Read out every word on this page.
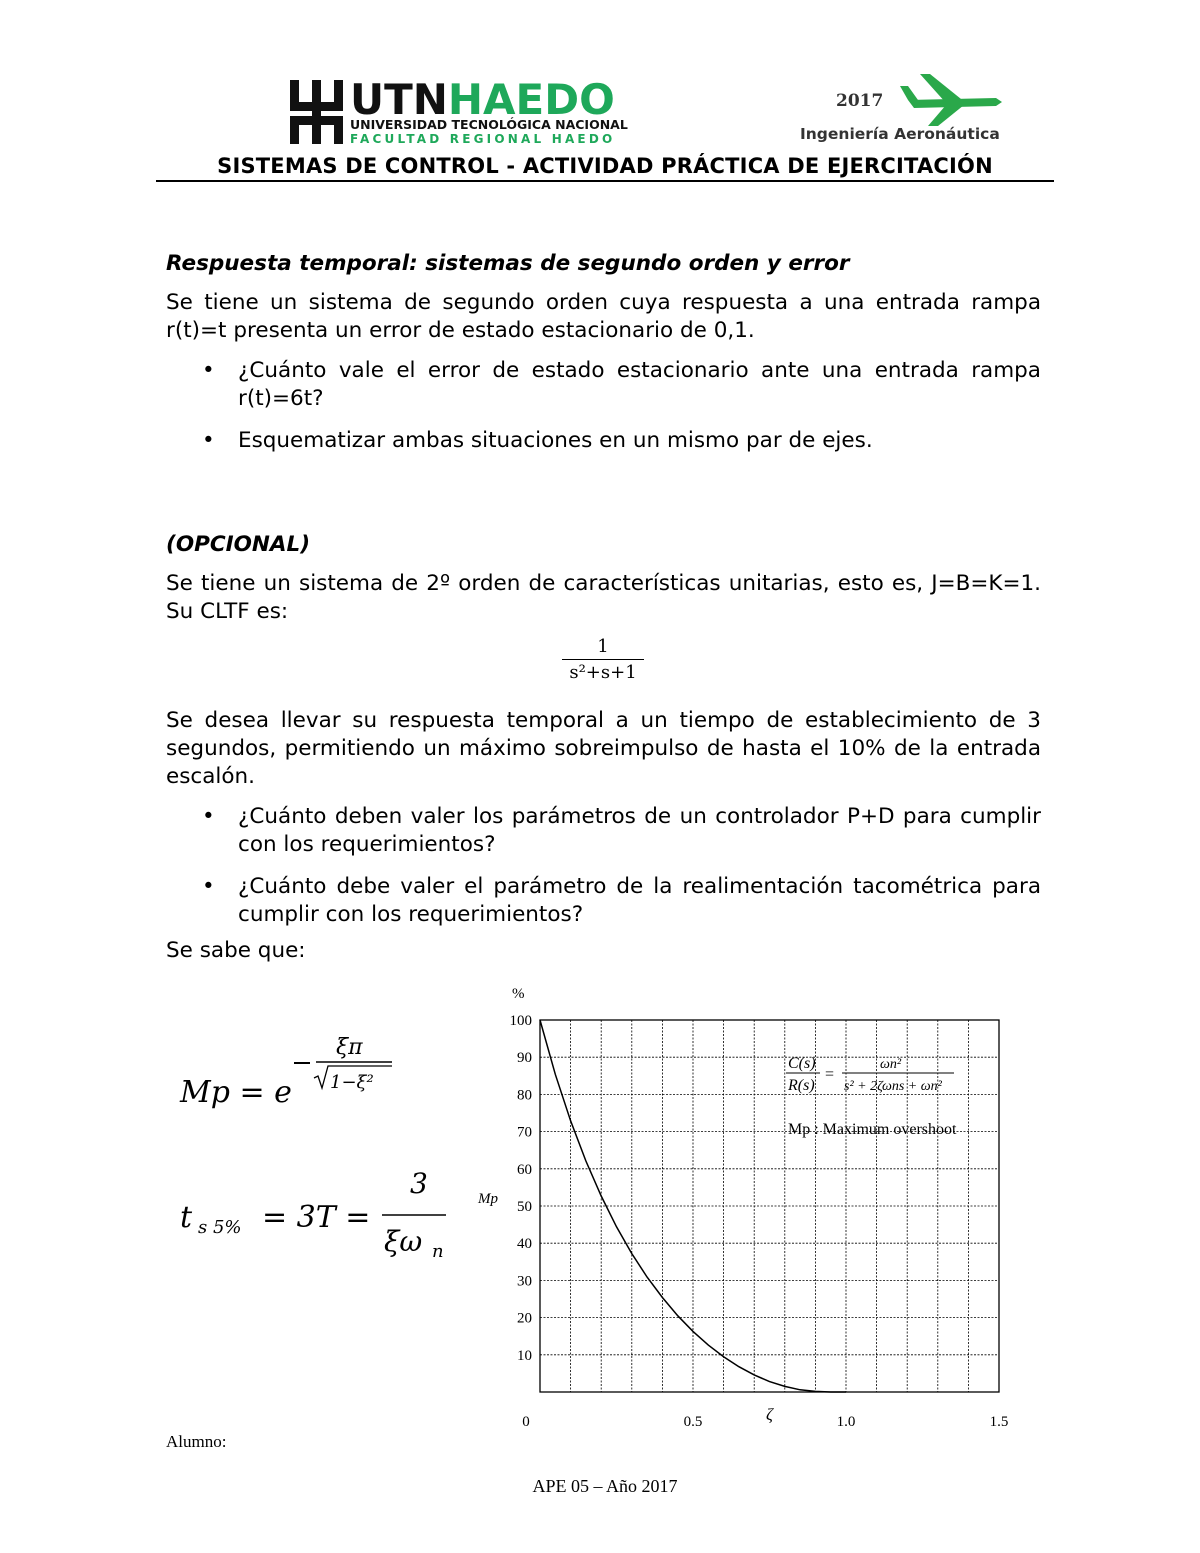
UTNHAEDO
UNIVERSIDAD TECNOLÓGICA NACIONAL
FACULTAD REGIONAL HAEDO
2017
Ingeniería Aeronáutica
SISTEMAS DE CONTROL - ACTIVIDAD PRÁCTICA DE EJERCITACIÓN
Respuesta temporal: sistemas de segundo orden y error
Se tiene un sistema de segundo orden cuya respuesta a una entrada rampa r(t)=t presenta un error de estado estacionario de 0,1.
• ¿Cuánto vale el error de estado estacionario ante una entrada rampa r(t)=6t?
• Esquematizar ambas situaciones en un mismo par de ejes.
(OPCIONAL)
Se tiene un sistema de 2º orden de características unitarias, esto es, J=B=K=1. Su CLTF es:
$\frac{1}{\text{s²+s+1}}$
Se desea llevar su respuesta temporal a un tiempo de establecimiento de 3 segundos, permitiendo un máximo sobreimpulso de hasta el 10% de la entrada escalón.
• ¿Cuánto deben valer los parámetros de un controlador P+D para cumplir con los requerimientos?
• ¿Cuánto debe valer el parámetro de la realimentación tacométrica para cumplir con los requerimientos?
Se sabe que:
Mp = e
ξπ
1−ξ²
t s 5% = 3T =
3
ξω n
10
20
30
40
50
60
70
80
90
100
0	0.5	1.0	1.5
%
Mp
ζ
C(s)
R(s)
=
ωn²
s² + 2ζωns + ωn²
Mp : Maximum overshoot
Alumno:
APE 05 – Año 2017
